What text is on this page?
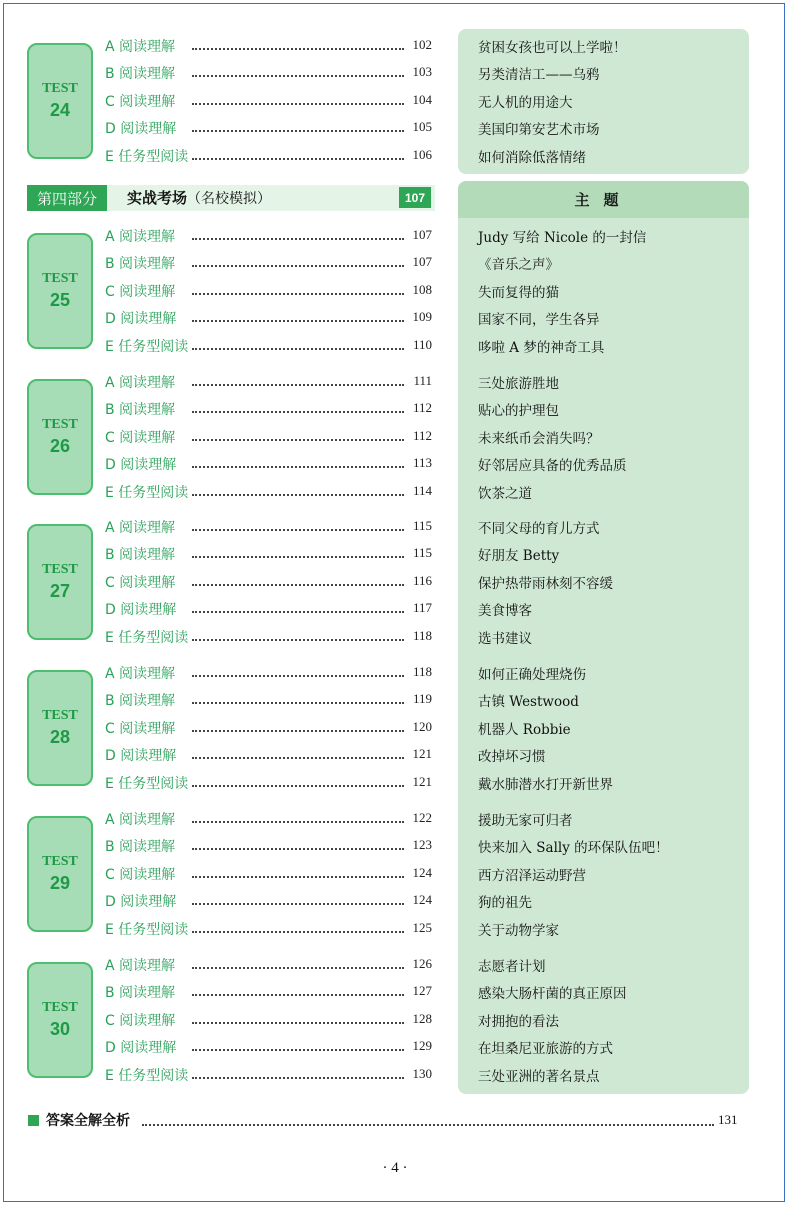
主题
第四部分	实战考场（名校模拟）	107
TEST
24
A 阅读理解	102	贫困女孩也可以上学啦！
B 阅读理解	103	另类清洁工——乌鸦
C 阅读理解	104	无人机的用途大
D 阅读理解	105	美国印第安艺术市场
E 任务型阅读	106	如何消除低落情绪
TEST
25
A 阅读理解	107	Judy 写给 Nicole 的一封信
B 阅读理解	107	《音乐之声》
C 阅读理解	108	失而复得的猫
D 阅读理解	109	国家不同，学生各异
E 任务型阅读	110	哆啦 A 梦的神奇工具
TEST
26
A 阅读理解	111	三处旅游胜地
B 阅读理解	112	贴心的护理包
C 阅读理解	112	未来纸币会消失吗？
D 阅读理解	113	好邻居应具备的优秀品质
E 任务型阅读	114	饮茶之道
TEST
27
A 阅读理解	115	不同父母的育儿方式
B 阅读理解	115	好朋友 Betty
C 阅读理解	116	保护热带雨林刻不容缓
D 阅读理解	117	美食博客
E 任务型阅读	118	选书建议
TEST
28
A 阅读理解	118	如何正确处理烧伤
B 阅读理解	119	古镇 Westwood
C 阅读理解	120	机器人 Robbie
D 阅读理解	121	改掉坏习惯
E 任务型阅读	121	戴水肺潜水打开新世界
TEST
29
A 阅读理解	122	援助无家可归者
B 阅读理解	123	快来加入 Sally 的环保队伍吧！
C 阅读理解	124	西方沼泽运动野营
D 阅读理解	124	狗的祖先
E 任务型阅读	125	关于动物学家
TEST
30
A 阅读理解	126	志愿者计划
B 阅读理解	127	感染大肠杆菌的真正原因
C 阅读理解	128	对拥抱的看法
D 阅读理解	129	在坦桑尼亚旅游的方式
E 任务型阅读	130	三处亚洲的著名景点
答案全解全析	131
· 4 ·
